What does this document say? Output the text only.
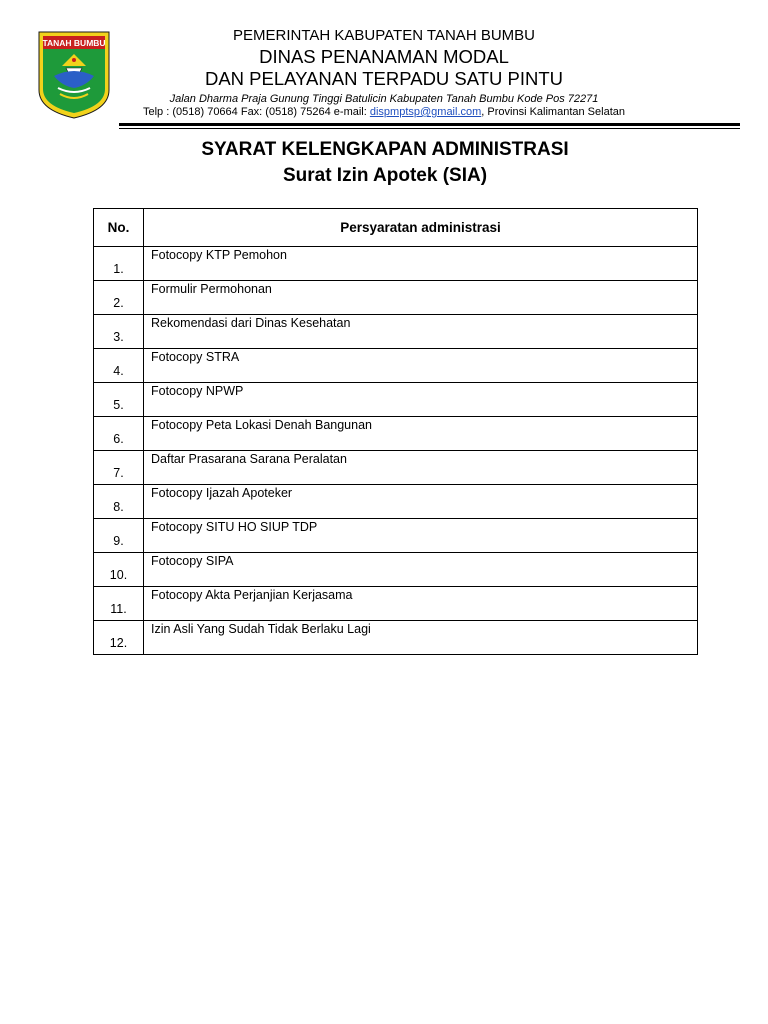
TANAH BUMBU	PEMERINTAH KABUPATEN TANAH BUMBU
DINAS PENANAMAN MODAL
DAN PELAYANAN TERPADU SATU PINTU
Jalan Dharma Praja Gunung Tinggi Batulicin Kabupaten Tanah Bumbu Kode Pos 72271
Telp : (0518) 70664 Fax: (0518) 75264 e-mail: dispmptsp@gmail.com, Provinsi Kalimantan Selatan
SYARAT KELENGKAPAN ADMINISTRASI
Surat Izin Apotek (SIA)
No.	Persyaratan administrasi
1.	Fotocopy KTP Pemohon
2.	Formulir Permohonan
3.	Rekomendasi dari Dinas Kesehatan
4.	Fotocopy STRA
5.	Fotocopy NPWP
6.	Fotocopy Peta Lokasi Denah Bangunan
7.	Daftar Prasarana Sarana Peralatan
8.	Fotocopy Ijazah Apoteker
9.	Fotocopy SITU HO SIUP TDP
10.	Fotocopy SIPA
11.	Fotocopy Akta Perjanjian Kerjasama
12.	Izin Asli Yang Sudah Tidak Berlaku Lagi
